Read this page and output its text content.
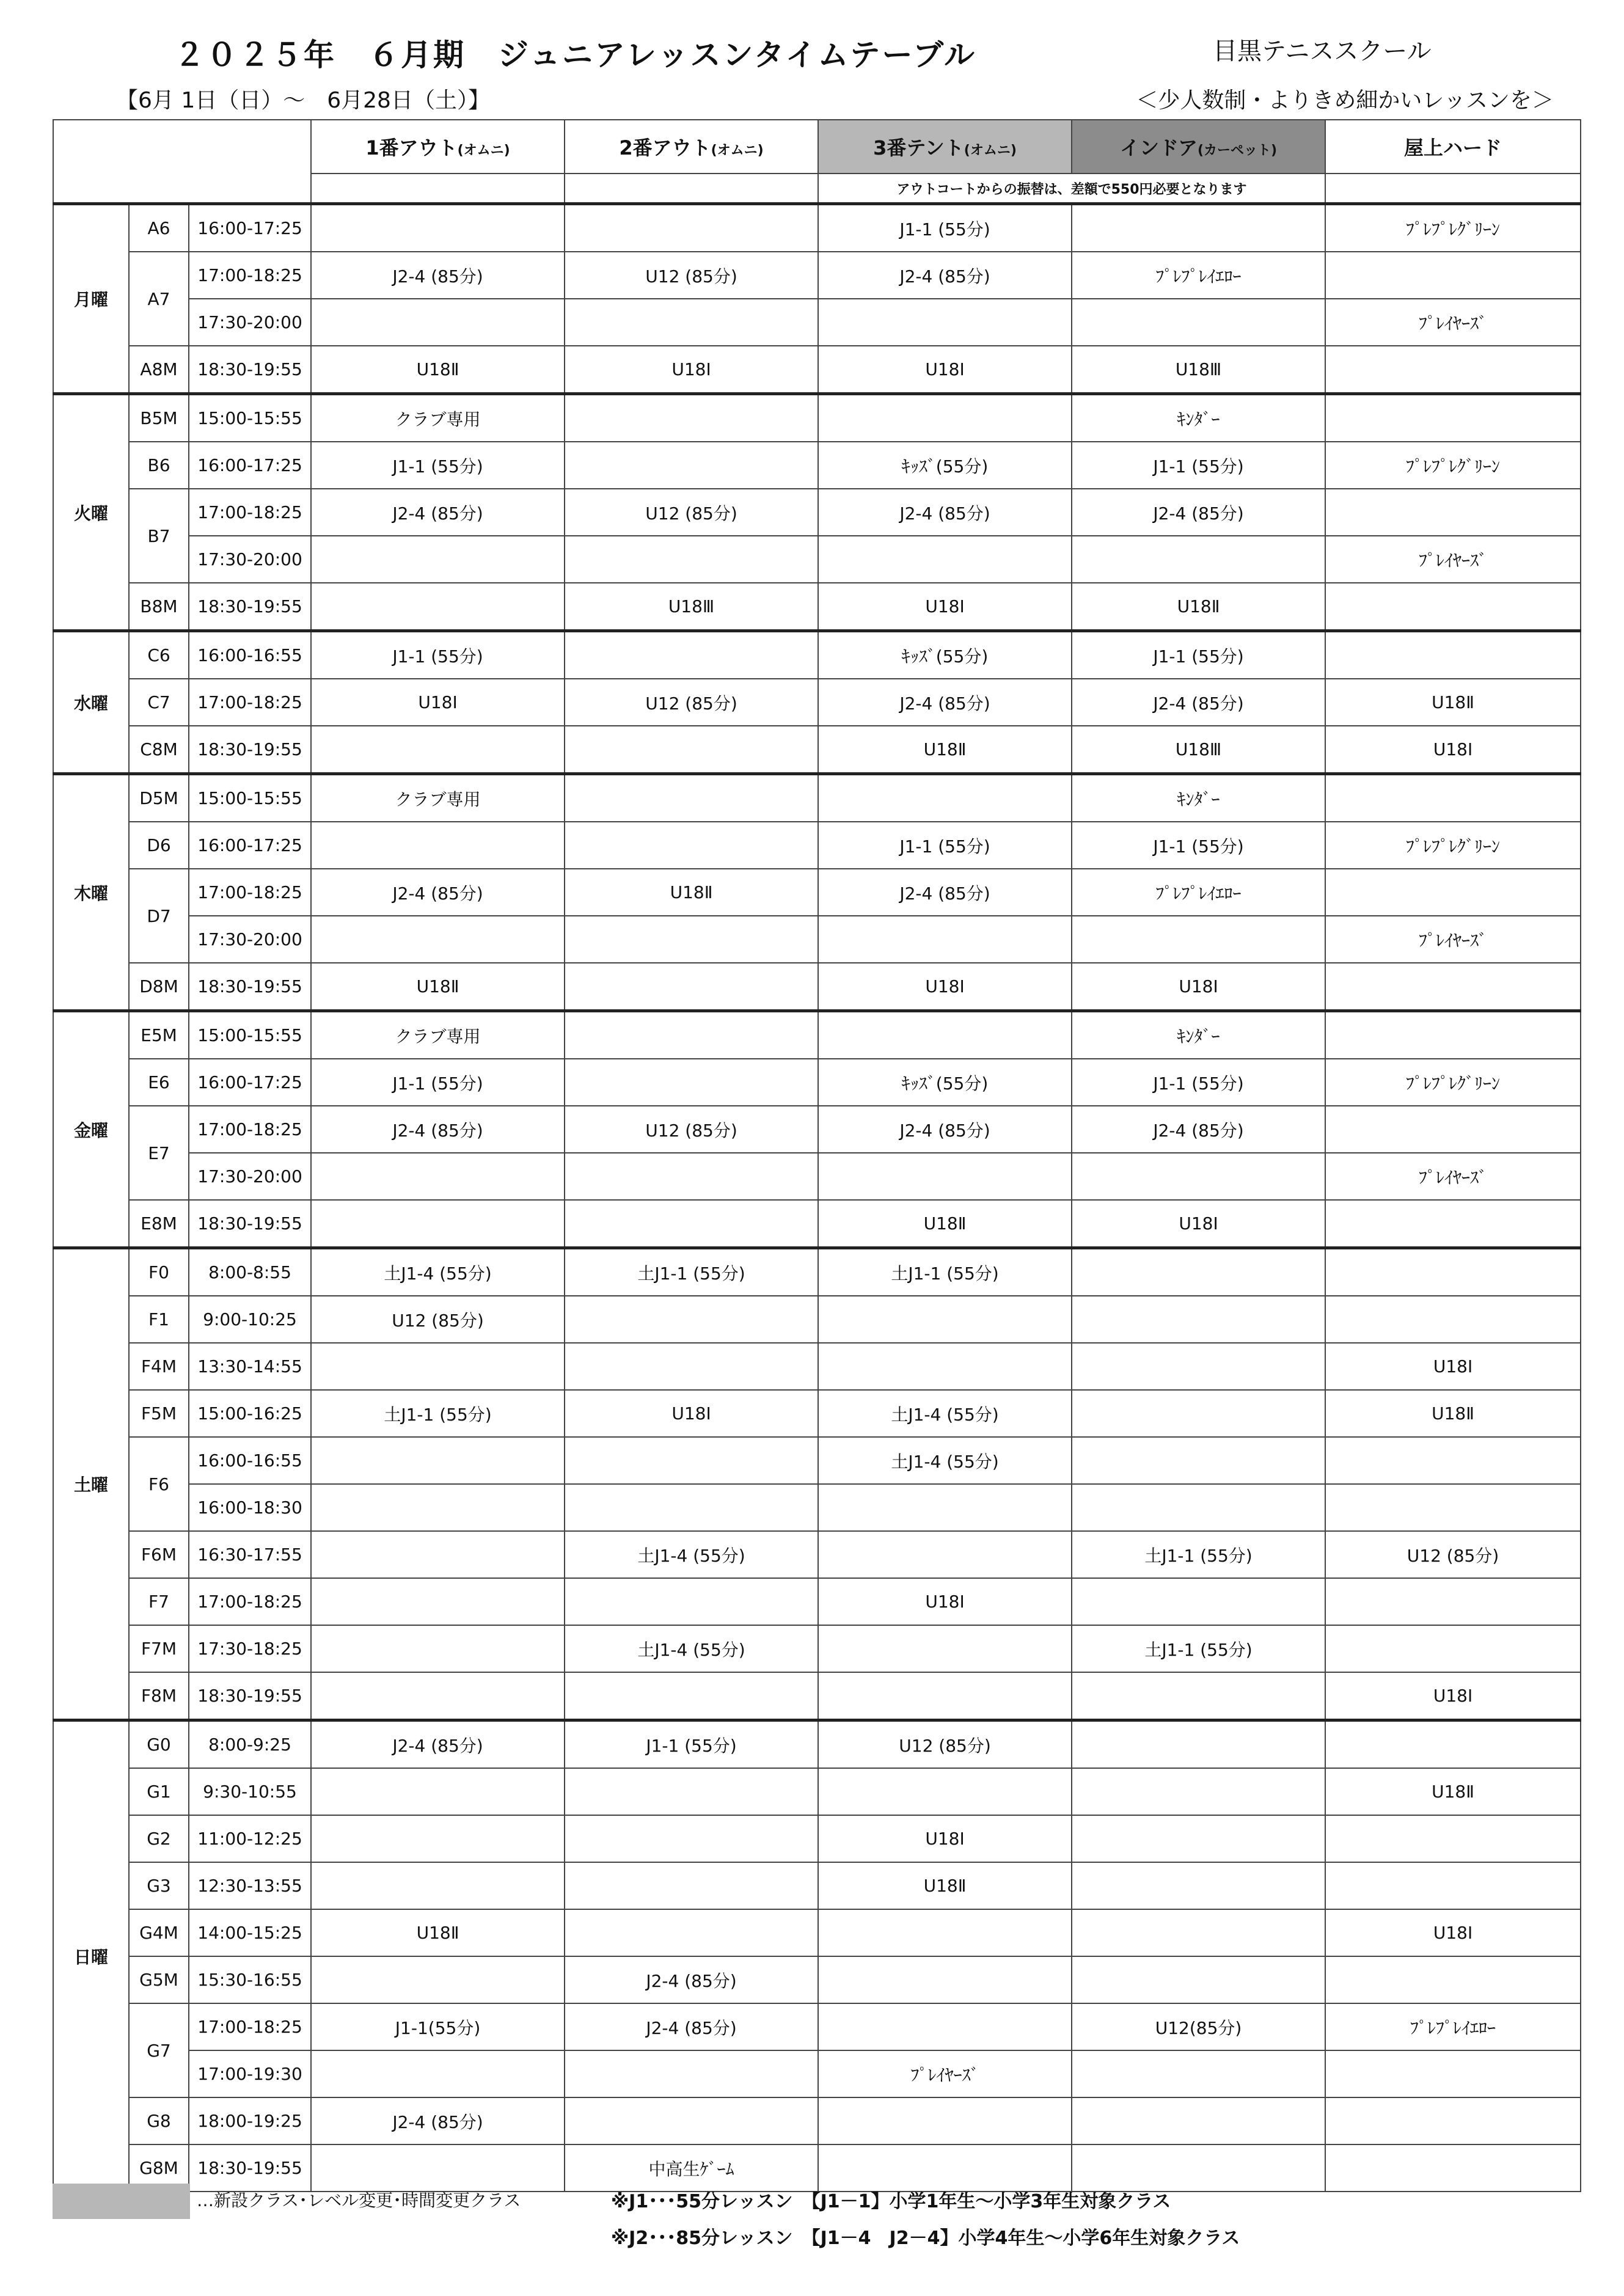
２０２５年　６月期　ジュニアレッスンタイムテーブル	目黒テニススクール
【6月 1日（日）～　6月28日（土）】	＜少人数制・よりきめ細かいレッスンを＞
			1番アウト(オムニ)	2番アウト(オムニ)	3番テント(オムニ)	インドア(カーペット)	屋上ハード
					アウトコートからの振替は、差額で550円必要となります		
月曜	A6	16:00-17:25			J1-1 (55分)		ﾌﾟﾚﾌﾟﾚｸﾞﾘｰﾝ
	A7	17:00-18:25	J2-4 (85分)	U12 (85分)	J2-4 (85分)	ﾌﾟﾚﾌﾟﾚｲｴﾛｰ	
		17:30-20:00					ﾌﾟﾚｲﾔｰｽﾞ
	A8M	18:30-19:55	U18Ⅱ	U18Ⅰ	U18Ⅰ	U18Ⅲ	
火曜	B5M	15:00-15:55	クラブ専用			ｷﾝﾀﾞｰ	
	B6	16:00-17:25	J1-1 (55分)		ｷｯｽﾞ(55分)	J1-1 (55分)	ﾌﾟﾚﾌﾟﾚｸﾞﾘｰﾝ
	B7	17:00-18:25	J2-4 (85分)	U12 (85分)	J2-4 (85分)	J2-4 (85分)	
		17:30-20:00					ﾌﾟﾚｲﾔｰｽﾞ
	B8M	18:30-19:55		U18Ⅲ	U18Ⅰ	U18Ⅱ	
水曜	C6	16:00-16:55	J1-1 (55分)		ｷｯｽﾞ(55分)	J1-1 (55分)	
	C7	17:00-18:25	U18Ⅰ	U12 (85分)	J2-4 (85分)	J2-4 (85分)	U18Ⅱ
	C8M	18:30-19:55			U18Ⅱ	U18Ⅲ	U18Ⅰ
木曜	D5M	15:00-15:55	クラブ専用			ｷﾝﾀﾞｰ	
	D6	16:00-17:25			J1-1 (55分)	J1-1 (55分)	ﾌﾟﾚﾌﾟﾚｸﾞﾘｰﾝ
	D7	17:00-18:25	J2-4 (85分)	U18Ⅱ	J2-4 (85分)	ﾌﾟﾚﾌﾟﾚｲｴﾛｰ	
		17:30-20:00					ﾌﾟﾚｲﾔｰｽﾞ
	D8M	18:30-19:55	U18Ⅱ		U18Ⅰ	U18Ⅰ	
金曜	E5M	15:00-15:55	クラブ専用			ｷﾝﾀﾞｰ	
	E6	16:00-17:25	J1-1 (55分)		ｷｯｽﾞ(55分)	J1-1 (55分)	ﾌﾟﾚﾌﾟﾚｸﾞﾘｰﾝ
	E7	17:00-18:25	J2-4 (85分)	U12 (85分)	J2-4 (85分)	J2-4 (85分)	
		17:30-20:00					ﾌﾟﾚｲﾔｰｽﾞ
	E8M	18:30-19:55			U18Ⅱ	U18Ⅰ	
土曜	F0	8:00-8:55	土J1-4 (55分)	土J1-1 (55分)	土J1-1 (55分)		
	F1	9:00-10:25	U12 (85分)				
	F4M	13:30-14:55					U18Ⅰ
	F5M	15:00-16:25	土J1-1 (55分)	U18Ⅰ	土J1-4 (55分)		U18Ⅱ
	F6	16:00-16:55			土J1-4 (55分)		
		16:00-18:30					
	F6M	16:30-17:55		土J1-4 (55分)		土J1-1 (55分)	U12 (85分)
	F7	17:00-18:25			U18Ⅰ		
	F7M	17:30-18:25		土J1-4 (55分)		土J1-1 (55分)	
	F8M	18:30-19:55					U18Ⅰ
日曜	G0	8:00-9:25	J2-4 (85分)	J1-1 (55分)	U12 (85分)		
	G1	9:30-10:55					U18Ⅱ
	G2	11:00-12:25			U18Ⅰ		
	G3	12:30-13:55			U18Ⅱ		
	G4M	14:00-15:25	U18Ⅱ				U18Ⅰ
	G5M	15:30-16:55		J2-4 (85分)			
	G7	17:00-18:25	J1-1(55分)	J2-4 (85分)		U12(85分)	ﾌﾟﾚﾌﾟﾚｲｴﾛｰ
		17:00-19:30			ﾌﾟﾚｲﾔｰｽﾞ		
	G8	18:00-19:25	J2-4 (85分)				
	G8M	18:30-19:55		中高生ｹﾞｰﾑ			
…新設クラス･レベル変更･時間変更クラス	※J1･･･55分レッスン　【J1－1】小学1年生～小学3年生対象クラス
※J2･･･85分レッスン　【J1－4　J2－4】小学4年生～小学6年生対象クラス
